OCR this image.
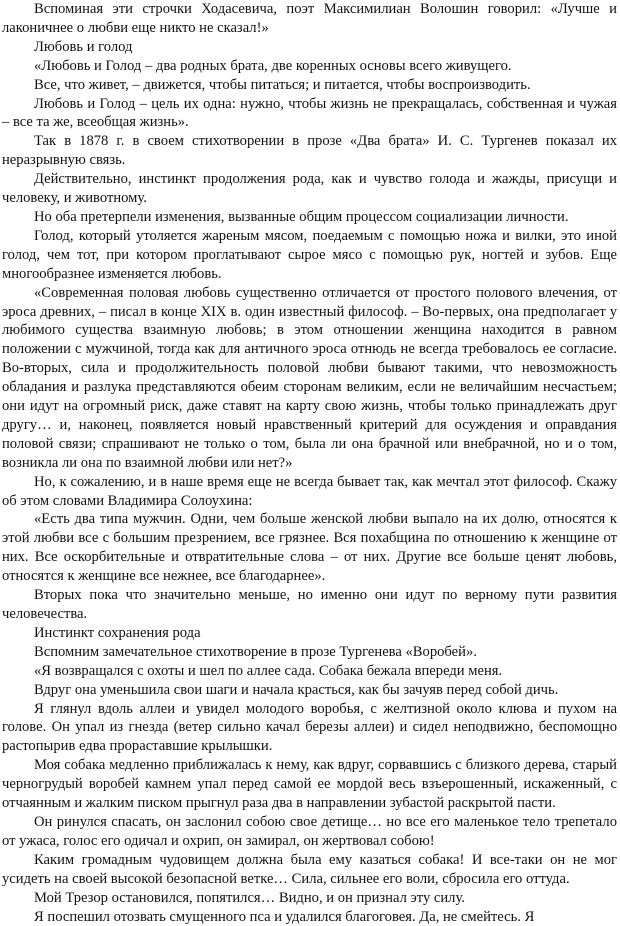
Вспоминая эти строчки Ходасевича, поэт Максимилиан Волошин говорил: «Лучше и лаконичнее о любви еще никто не сказал!»

Любовь и голод

«Любовь и Голод – два родных брата, две коренных основы всего живущего.

Все, что живет, – движется, чтобы питаться; и питается, чтобы воспроизводить.

Любовь и Голод – цель их одна: нужно, чтобы жизнь не прекращалась, собственная и чужая – все та же, всеобщая жизнь».

Так в 1878 г. в своем стихотворении в прозе «Два брата» И. С. Тургенев показал их неразрывную связь.

Действительно, инстинкт продолжения рода, как и чувство голода и жажды, присущи и человеку, и животному.

Но оба претерпели изменения, вызванные общим процессом социализации личности.

Голод, который утоляется жареным мясом, поедаемым с помощью ножа и вилки, это иной голод, чем тот, при котором проглатывают сырое мясо с помощью рук, ногтей и зубов. Еще многообразнее изменяется любовь.

«Современная половая любовь существенно отличается от простого полового влечения, от эроса древних, – писал в конце XIX в. один известный философ. – Во-первых, она предполагает у любимого существа взаимную любовь; в этом отношении женщина находится в равном положении с мужчиной, тогда как для античного эроса отнюдь не всегда требовалось ее согласие. Во-вторых, сила и продолжительность половой любви бывают такими, что невозможность обладания и разлука представляются обеим сторонам великим, если не величайшим несчастьем; они идут на огромный риск, даже ставят на карту свою жизнь, чтобы только принадлежать друг другу… и, наконец, появляется новый нравственный критерий для осуждения и оправдания половой связи; спрашивают не только о том, была ли она брачной или внебрачной, но и о том, возникла ли она по взаимной любви или нет?»

Но, к сожалению, и в наше время еще не всегда бывает так, как мечтал этот философ. Скажу об этом словами Владимира Солоухина:

«Есть два типа мужчин. Одни, чем больше женской любви выпало на их долю, относятся к этой любви все с большим презрением, все грязнее. Вся похабщина по отношению к женщине от них. Все оскорбительные и отвратительные слова – от них. Другие все больше ценят любовь, относятся к женщине все нежнее, все благодарнее».

Вторых пока что значительно меньше, но именно они идут по верному пути развития человечества.

Инстинкт сохранения рода

Вспомним замечательное стихотворение в прозе Тургенева «Воробей».

«Я возвращался с охоты и шел по аллее сада. Собака бежала впереди меня.

Вдруг она уменьшила свои шаги и начала красться, как бы зачуяв перед собой дичь.

Я глянул вдоль аллеи и увидел молодого воробья, с желтизной около клюва и пухом на голове. Он упал из гнезда (ветер сильно качал березы аллеи) и сидел неподвижно, беспомощно растопырив едва прораставшие крылышки.

Моя собака медленно приближалась к нему, как вдруг, сорвавшись с близкого дерева, старый черногрудый воробей камнем упал перед самой ее мордой весь взъерошенный, искаженный, с отчаянным и жалким писком прыгнул раза два в направлении зубастой раскрытой пасти.

Он ринулся спасать, он заслонил собою свое детище… но все его маленькое тело трепетало от ужаса, голос его одичал и охрип, он замирал, он жертвовал собою!

Каким громадным чудовищем должна была ему казаться собака! И все-таки он не мог усидеть на своей высокой безопасной ветке… Сила, сильнее его воли, сбросила его оттуда.

Мой Трезор остановился, попятился… Видно, и он признал эту силу.

Я поспешил отозвать смущенного пса и удалился благоговея. Да, не смейтесь. Я
